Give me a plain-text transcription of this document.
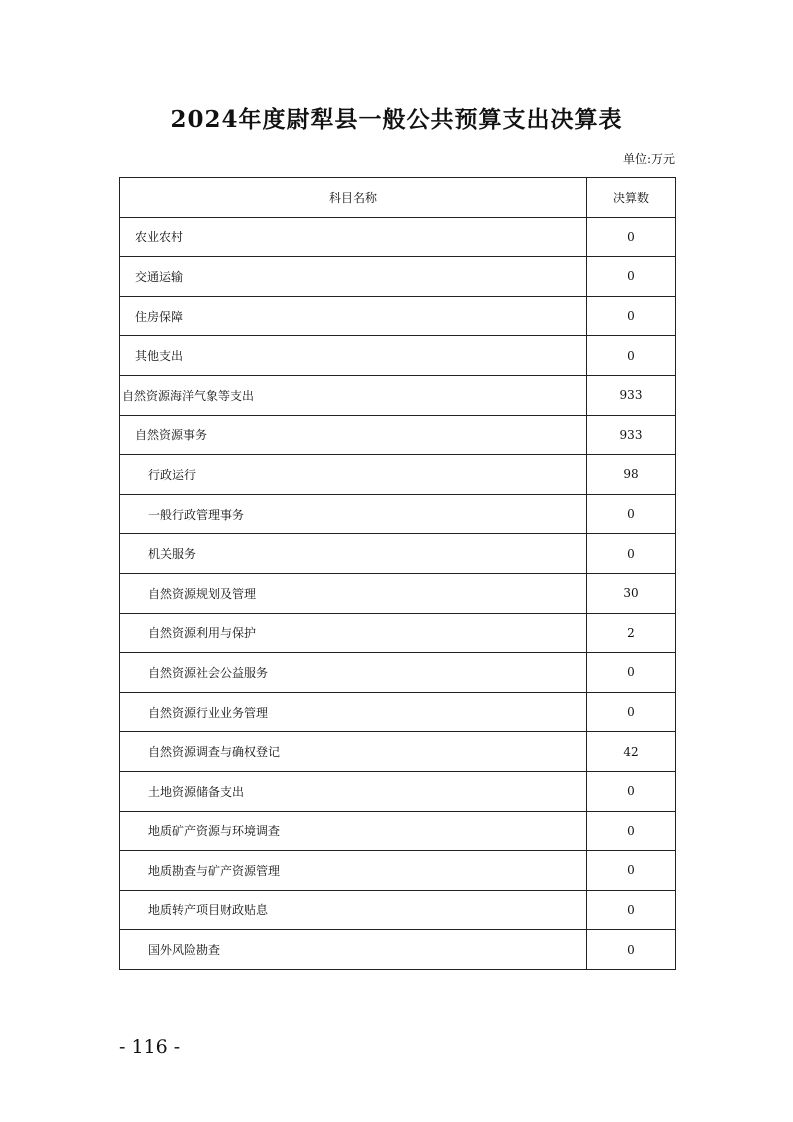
2024年度尉犁县一般公共预算支出决算表
单位:万元
科目名称	决算数
农业农村	0
交通运输	0
住房保障	0
其他支出	0
自然资源海洋气象等支出	933
自然资源事务	933
行政运行	98
一般行政管理事务	0
机关服务	0
自然资源规划及管理	30
自然资源利用与保护	2
自然资源社会公益服务	0
自然资源行业业务管理	0
自然资源调查与确权登记	42
土地资源储备支出	0
地质矿产资源与环境调查	0
地质勘查与矿产资源管理	0
地质转产项目财政贴息	0
国外风险勘查	0
- 116 -
